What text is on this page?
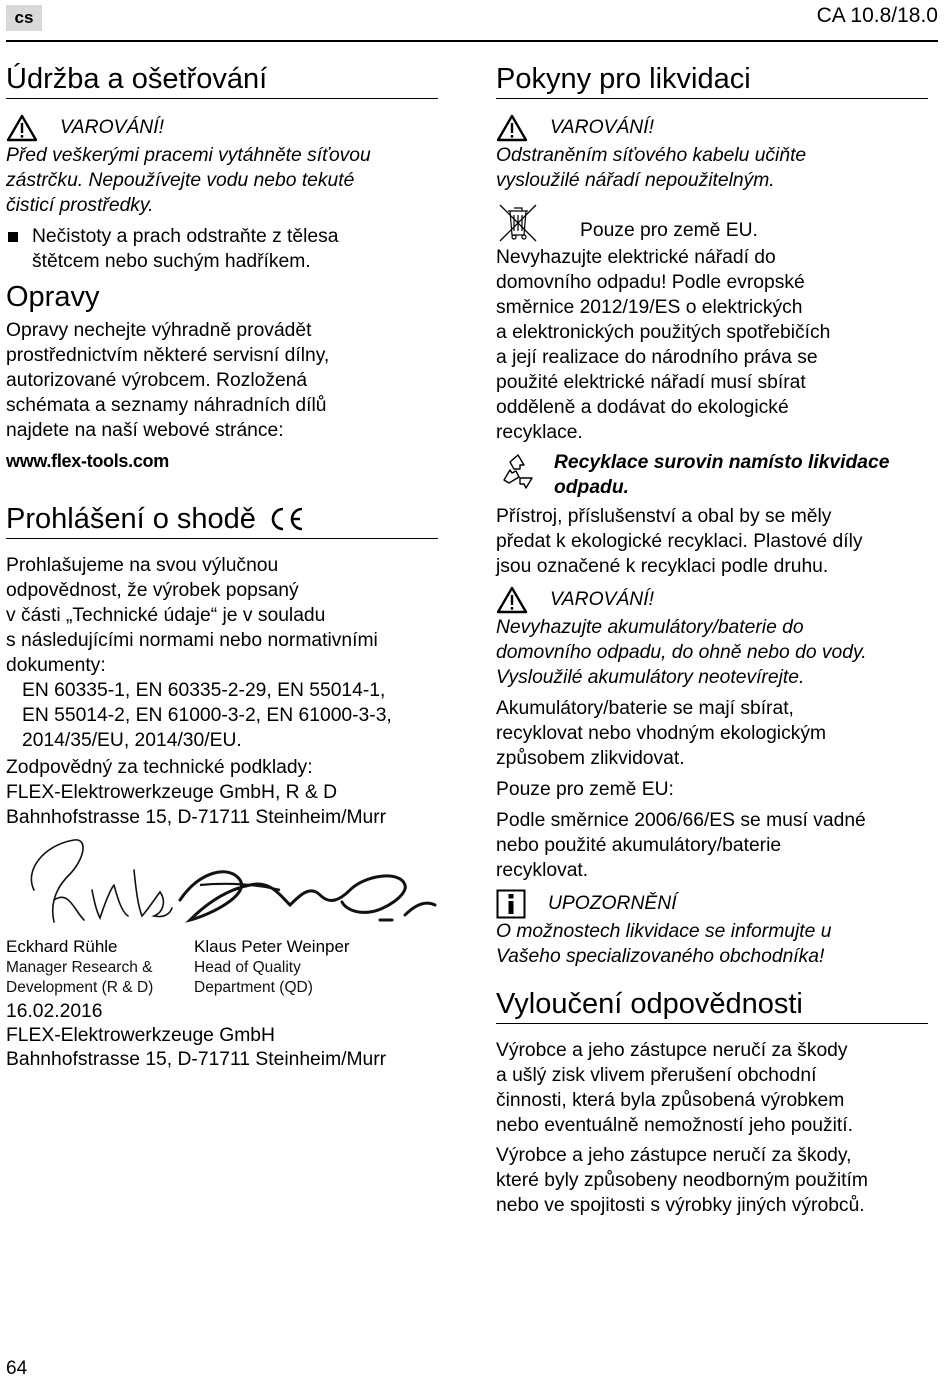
cs	CA 10.8/18.0
Údržba a ošetřování
VAROVÁNÍ!
Před veškerými pracemi vytáhněte síťovou
zástrčku. Nepoužívejte vodu nebo tekuté
čisticí prostředky.
Nečistoty a prach odstraňte z tělesa
štětcem nebo suchým hadříkem.
Opravy
Opravy nechejte výhradně provádět
prostřednictvím některé servisní dílny,
autorizované výrobcem. Rozložená
schémata a seznamy náhradních dílů
najdete na naší webové stránce:
www.flex-tools.com
Prohlášení o shodě
Prohlašujeme na svou výlučnou
odpovědnost, že výrobek popsaný
v části „Technické údaje“ je v souladu
s následujícími normami nebo normativními
dokumenty:
EN 60335-1, EN 60335-2-29, EN 55014-1,
EN 55014-2, EN 61000-3-2, EN 61000-3-3,
2014/35/EU, 2014/30/EU.
Zodpovědný za technické podklady:
FLEX-Elektrowerkzeuge GmbH, R & D
Bahnhofstrasse 15, D-71711 Steinheim/Murr
Eckhard Rühle
Manager Research &
Development (R & D)
Klaus Peter Weinper
Head of Quality
Department (QD)
16.02.2016
FLEX-Elektrowerkzeuge GmbH
Bahnhofstrasse 15, D-71711 Steinheim/Murr
Pokyny pro likvidaci
VAROVÁNÍ!
Odstraněním síťového kabelu učiňte
vysloužilé nářadí nepoužitelným.
Pouze pro země EU.
Nevyhazujte elektrické nářadí do
domovního odpadu! Podle evropské
směrnice 2012/19/ES o elektrických
a elektronických použitých spotřebičích
a její realizace do národního práva se
použité elektrické nářadí musí sbírat
odděleně a dodávat do ekologické
recyklace.
Recyklace surovin namísto likvidace
odpadu.
Přístroj, příslušenství a obal by se měly
předat k ekologické recyklaci. Plastové díly
jsou označené k recyklaci podle druhu.
VAROVÁNÍ!
Nevyhazujte akumulátory/baterie do
domovního odpadu, do ohně nebo do vody.
Vysloužilé akumulátory neotevírejte.
Akumulátory/baterie se mají sbírat,
recyklovat nebo vhodným ekologickým
způsobem zlikvidovat.
Pouze pro země EU:
Podle směrnice 2006/66/ES se musí vadné
nebo použité akumulátory/baterie
recyklovat.
UPOZORNĚNÍ
O možnostech likvidace se informujte u
Vašeho specializovaného obchodníka!
Vyloučení odpovědnosti
Výrobce a jeho zástupce neručí za škody
a ušlý zisk vlivem přerušení obchodní
činnosti, která byla způsobená výrobkem
nebo eventuálně nemožností jeho použití.
Výrobce a jeho zástupce neručí za škody,
které byly způsobeny neodborným použitím
nebo ve spojitosti s výrobky jiných výrobců.
64
